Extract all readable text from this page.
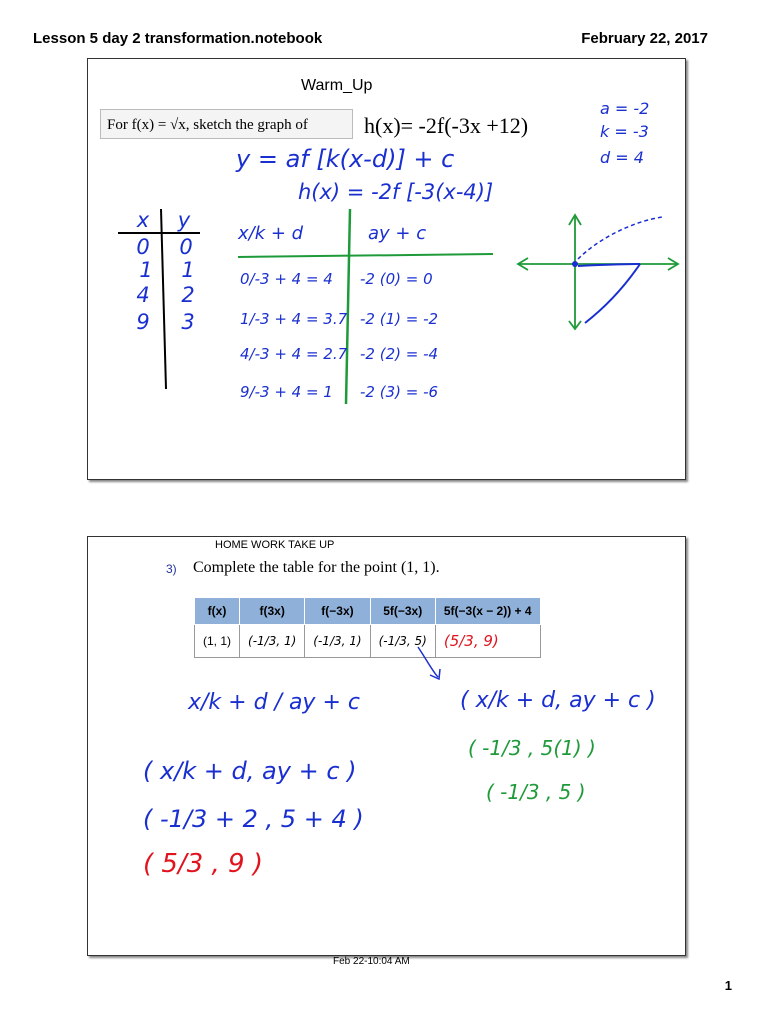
Lesson 5 day 2 transformation.notebook	February 22, 2017
Warm_Up
For f(x) = √x, sketch the graph of	h(x)= -2f(-3x +12)
a = -2
k = -3
d = 4
y = af [k(x-d)] + c
h(x) = -2f [-3(x-4)]
x y
0 0
1 1
4 2
9 3
x/k + d	ay + c
0/-3 + 4 = 4 -2 (0) = 0
1/-3 + 4 = 3.7 -2 (1) = -2
4/-3 + 4 = 2.7 -2 (2) = -4
9/-3 + 4 = 1 -2 (3) = -6
HOME WORK TAKE UP
3) Complete the table for the point (1, 1).
f(x)	f(3x)	f(−3x)	5f(−3x)	5f(−3(x − 2)) + 4
(1, 1)	(-1/3, 1)	(-1/3, 1)	(-1/3, 5)	(5/3, 9)
x/k + d / ay + c
( x/k + d, ay + c )
( -1/3 + 2 , 5 + 4 )
( 5/3 , 9 )
( x/k + d, ay + c )
( -1/3 , 5(1) )
( -1/3 , 5 )
Feb 22-10:04 AM
1
